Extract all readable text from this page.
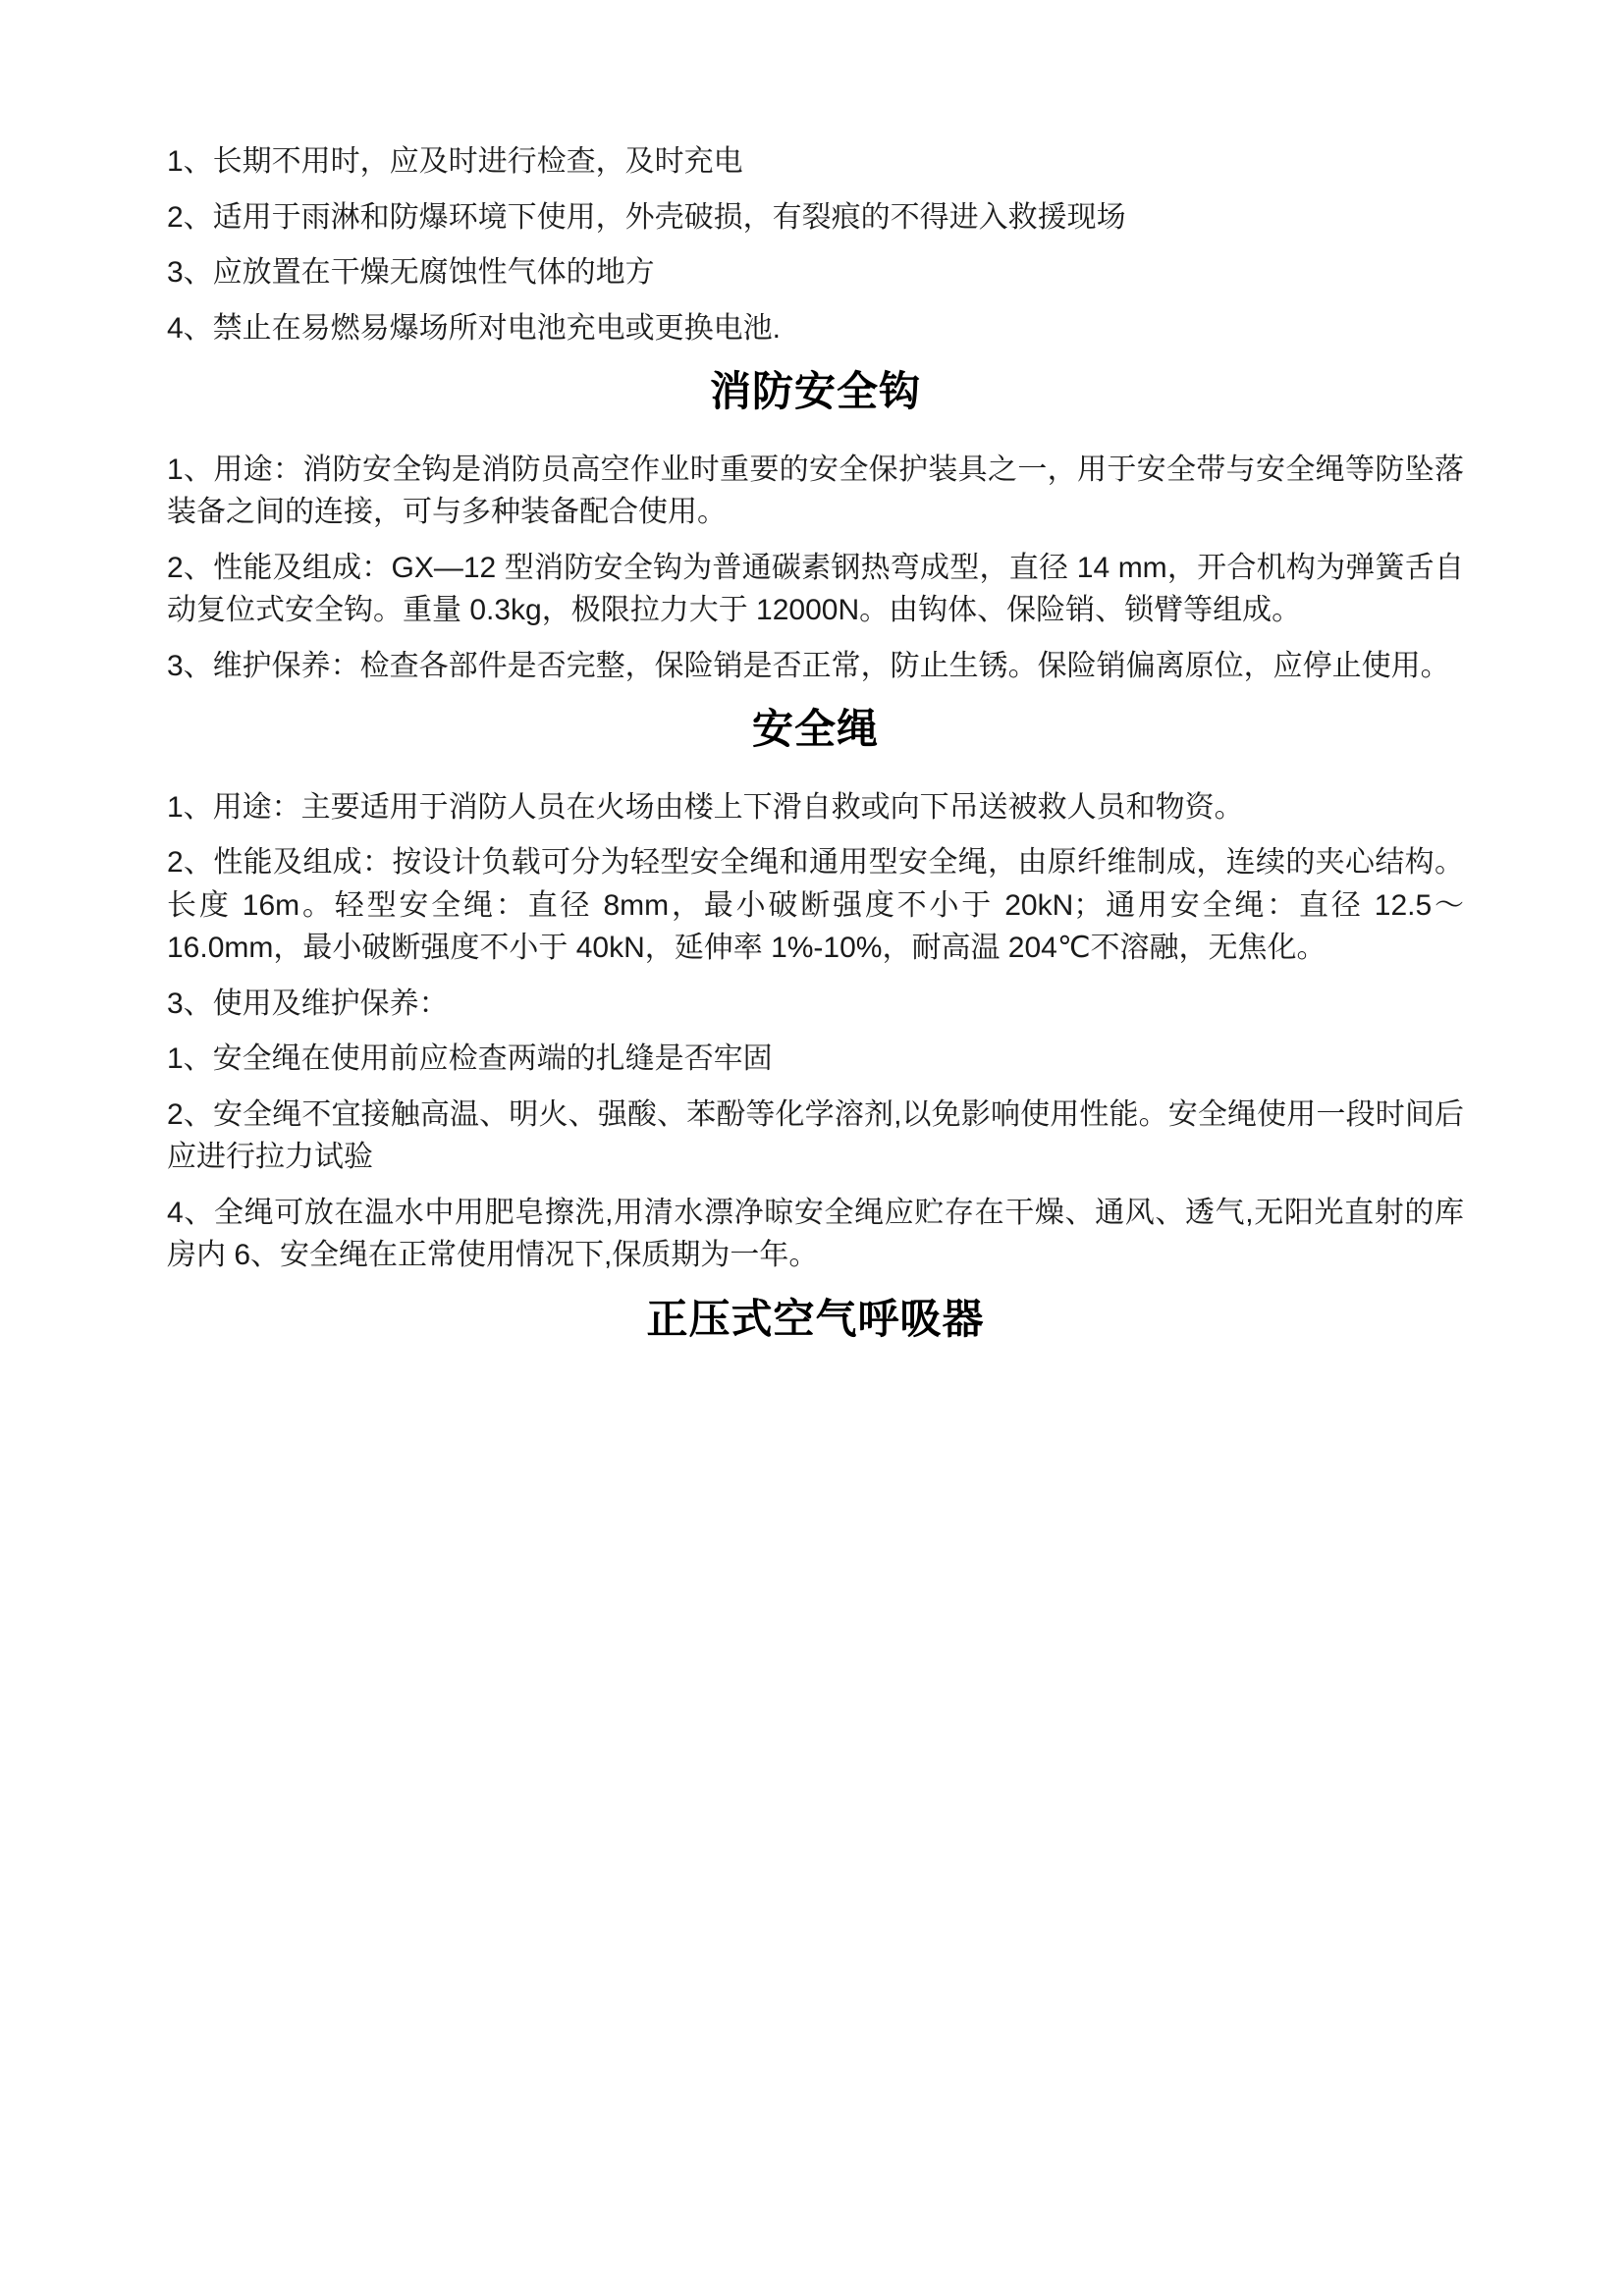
1、长期不用时，应及时进行检查，及时充电

2、适用于雨淋和防爆环境下使用，外壳破损，有裂痕的不得进入救援现场

3、应放置在干燥无腐蚀性气体的地方

4、禁止在易燃易爆场所对电池充电或更换电池.

消防安全钩

1、用途：消防安全钩是消防员高空作业时重要的安全保护装具之一，用于安全带与安全绳等防坠落装备之间的连接，可与多种装备配合使用。

2、性能及组成：GX—12 型消防安全钩为普通碳素钢热弯成型，直径 14 mm，开合机构为弹簧舌自动复位式安全钩。重量 0.3kg，极限拉力大于 12000N。由钩体、保险销、锁臂等组成。

3、维护保养：检查各部件是否完整，保险销是否正常，防止生锈。保险销偏离原位，应停止使用。

安全绳

1、用途：主要适用于消防人员在火场由楼上下滑自救或向下吊送被救人员和物资。

2、性能及组成：按设计负载可分为轻型安全绳和通用型安全绳，由原纤维制成，连续的夹心结构。长度 16m。轻型安全绳：直径 8mm，最小破断强度不小于 20kN；通用安全绳：直径 12.5～16.0mm，最小破断强度不小于 40kN，延伸率 1%-10%，耐高温 204℃不溶融，无焦化。

3、使用及维护保养：

1、安全绳在使用前应检查两端的扎缝是否牢固

2、安全绳不宜接触高温、明火、强酸、苯酚等化学溶剂,以免影响使用性能。安全绳使用一段时间后应进行拉力试验

4、全绳可放在温水中用肥皂擦洗,用清水漂净晾安全绳应贮存在干燥、通风、透气,无阳光直射的库房内 6、安全绳在正常使用情况下,保质期为一年。

正压式空气呼吸器
